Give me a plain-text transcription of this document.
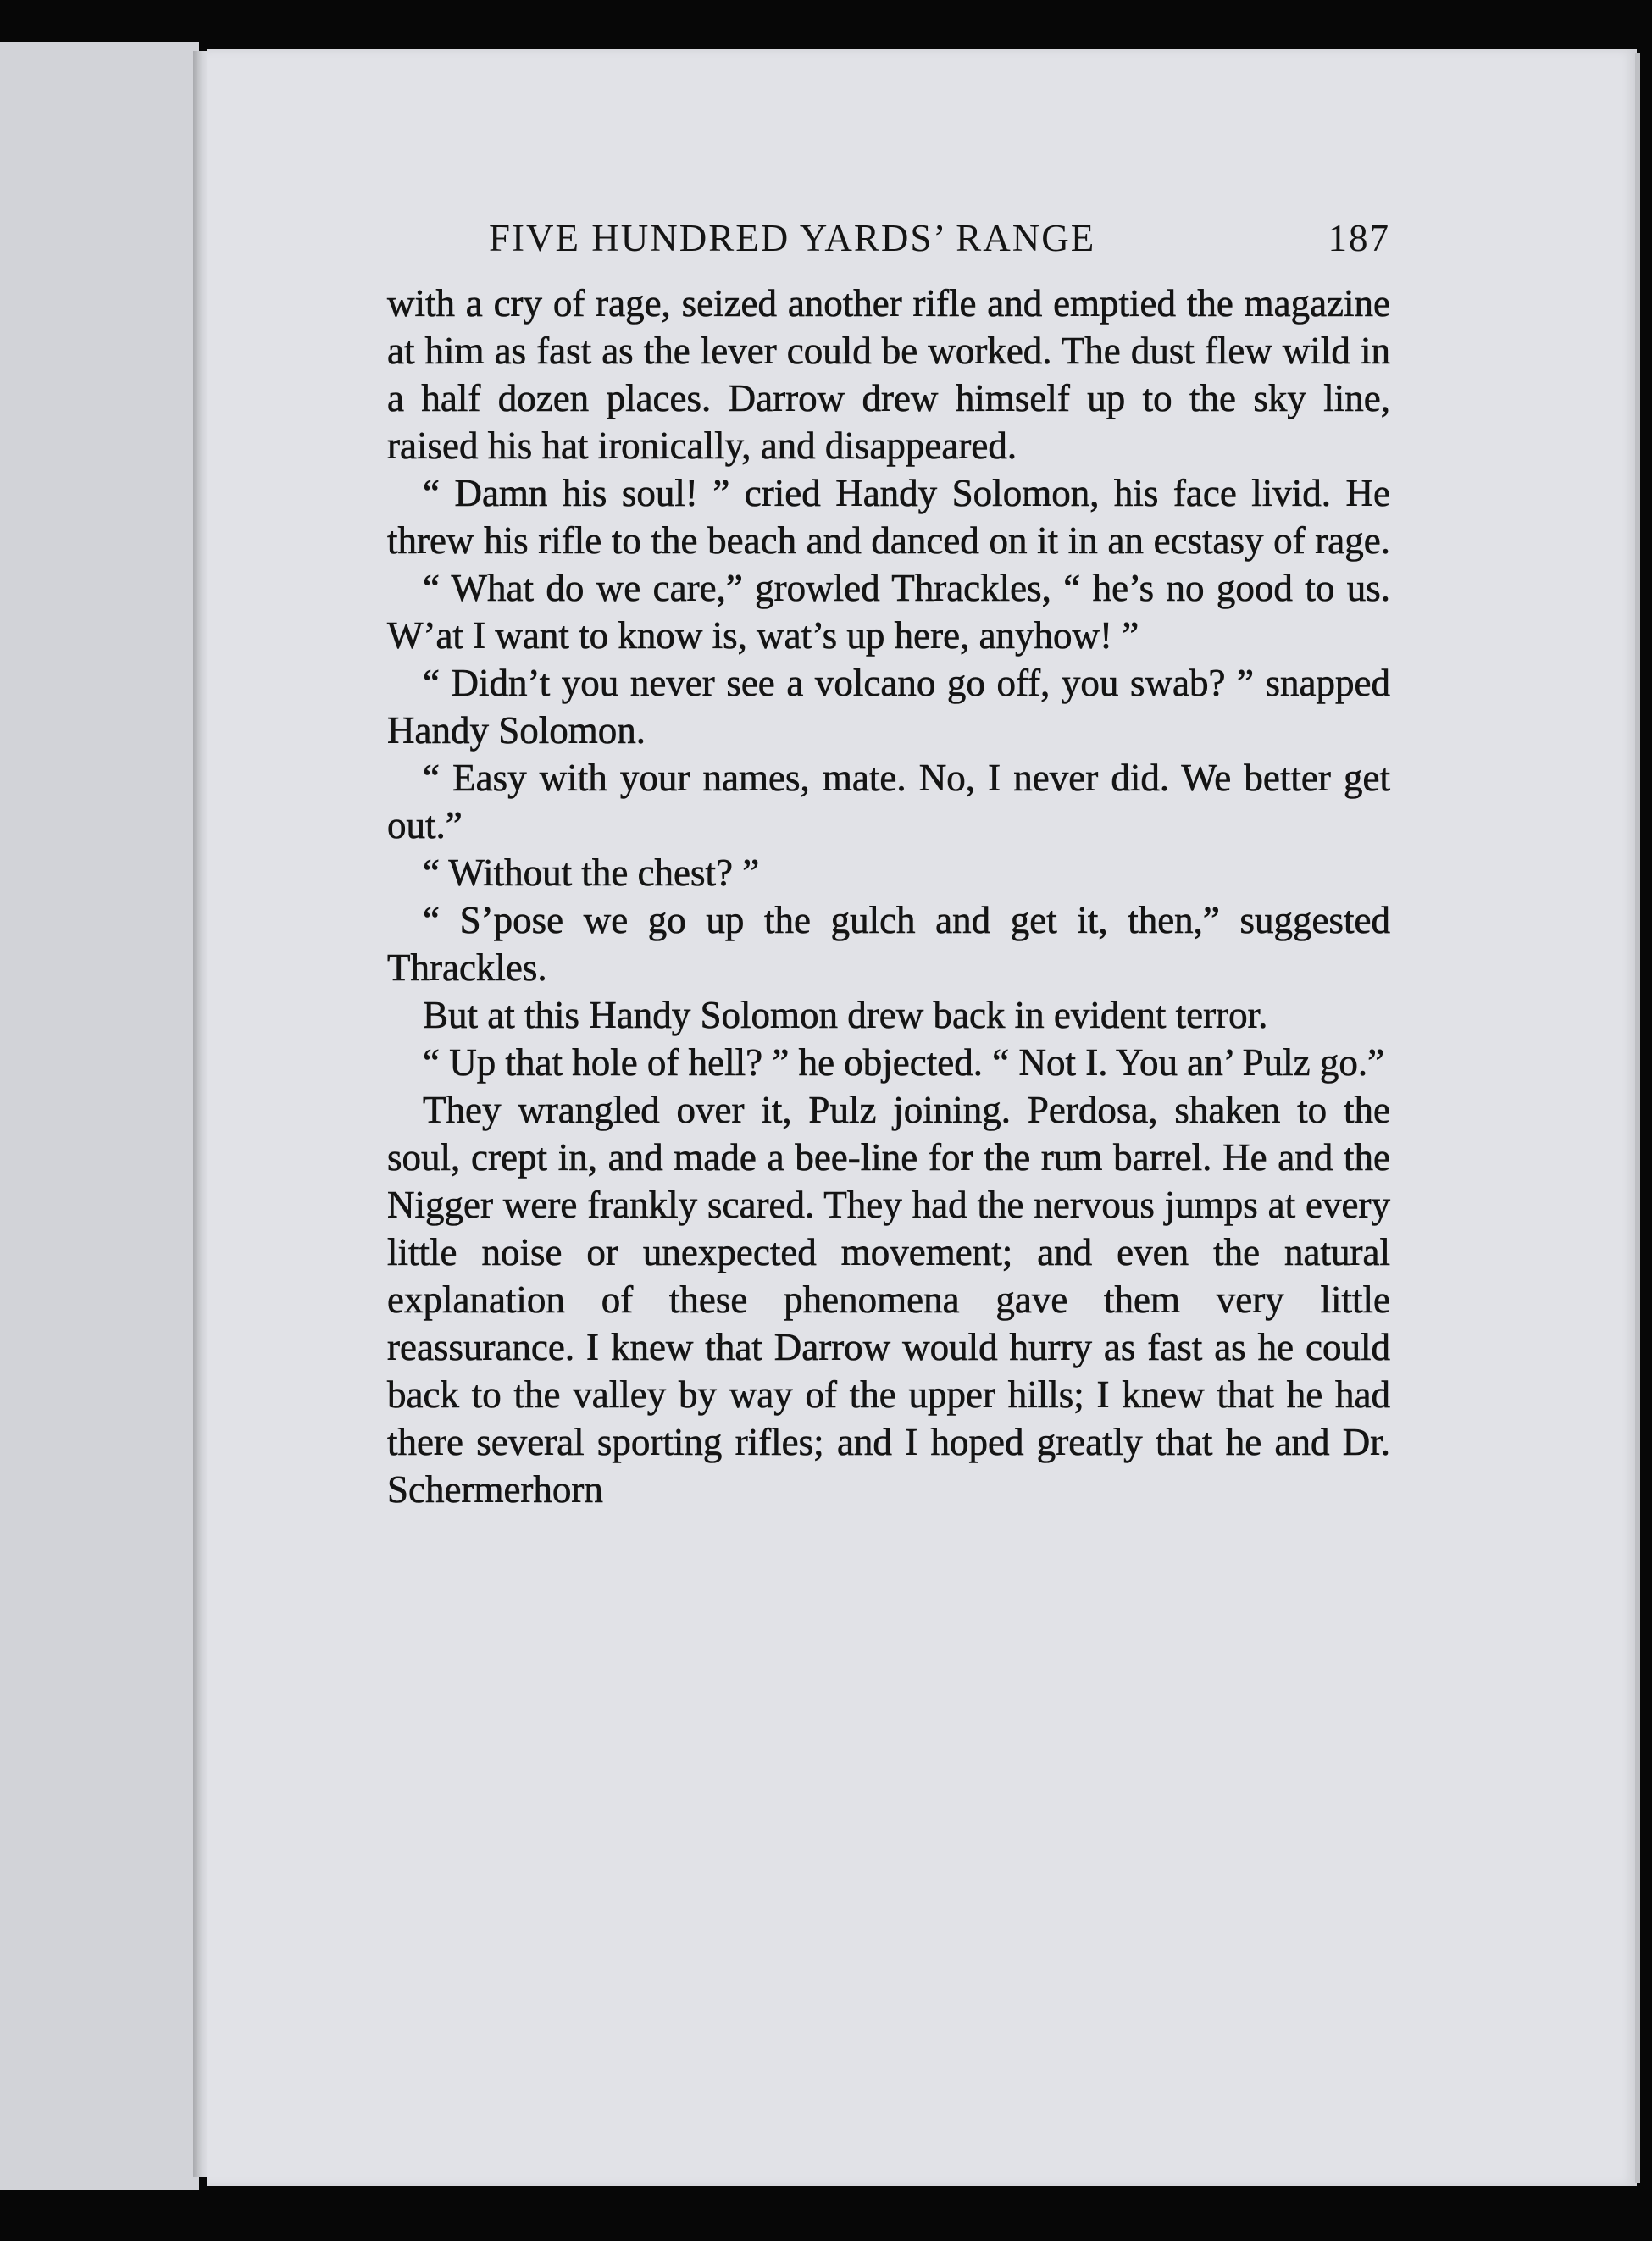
FIVE HUNDRED YARDS’ RANGE	187

with a cry of rage, seized another rifle and emptied the magazine at him as fast as the lever could be worked. The dust flew wild in a half dozen places. Darrow drew himself up to the sky line, raised his hat ironically, and disappeared.

“ Damn his soul! ” cried Handy Solomon, his face livid. He threw his rifle to the beach and danced on it in an ecstasy of rage.

“ What do we care,” growled Thrackles, “ he’s no good to us. W’at I want to know is, wat’s up here, anyhow! ”

“ Didn’t you never see a volcano go off, you swab? ” snapped Handy Solomon.

“ Easy with your names, mate. No, I never did. We better get out.”

“ Without the chest? ”

“ S’pose we go up the gulch and get it, then,” suggested Thrackles.

But at this Handy Solomon drew back in evident terror.

“ Up that hole of hell? ” he objected. “ Not I. You an’ Pulz go.”

They wrangled over it, Pulz joining. Perdosa, shaken to the soul, crept in, and made a bee-line for the rum barrel. He and the Nigger were frankly scared. They had the nervous jumps at every little noise or unexpected movement; and even the natural explanation of these phenomena gave them very little reassurance. I knew that Darrow would hurry as fast as he could back to the valley by way of the upper hills; I knew that he had there several sporting rifles; and I hoped greatly that he and Dr. Schermerhorn
